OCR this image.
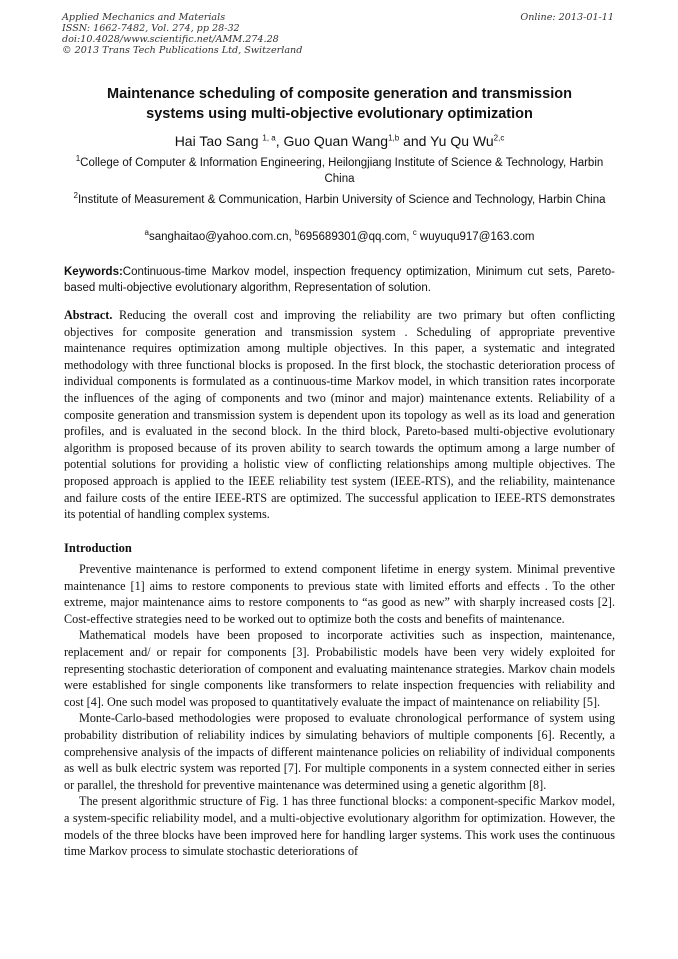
Applied Mechanics and Materials
ISSN: 1662-7482, Vol. 274, pp 28-32
doi:10.4028/www.scientific.net/AMM.274.28
© 2013 Trans Tech Publications Ltd, Switzerland
Online: 2013-01-11
Maintenance scheduling of composite generation and transmission
systems using multi-objective evolutionary optimization
Hai Tao Sang $^{1, a}$, Guo Quan Wang$^{1,b}$ and Yu Qu Wu$^{2,c}$
$^1$College of Computer & Information Engineering, Heilongjiang Institute of Science & Technology, Harbin China
$^2$Institute of Measurement & Communication, Harbin University of Science and Technology, Harbin China
$^a$sanghaitao@yahoo.com.cn, $^b$695689301@qq.com, $^c$ wuyuqu917@163.com
Keywords:Continuous-time Markov model, inspection frequency optimization, Minimum cut sets, Pareto-based multi-objective evolutionary algorithm, Representation of solution.

Abstract. Reducing the overall cost and improving the reliability are two primary but often conflicting objectives for composite generation and transmission system . Scheduling of appropriate preventive maintenance requires optimization among multiple objectives. In this paper, a systematic and integrated methodology with three functional blocks is proposed. In the first block, the stochastic deterioration process of individual components is formulated as a continuous-time Markov model, in which transition rates incorporate the influences of the aging of components and two (minor and major) maintenance extents. Reliability of a composite generation and transmission system is dependent upon its topology as well as its load and generation profiles, and is evaluated in the second block. In the third block, Pareto-based multi-objective evolutionary algorithm is proposed because of its proven ability to search towards the optimum among a large number of potential solutions for providing a holistic view of conflicting relationships among multiple objectives. The proposed approach is applied to the IEEE reliability test system (IEEE-RTS), and the reliability, maintenance and failure costs of the entire IEEE-RTS are optimized. The successful application to IEEE-RTS demonstrates its potential of handling complex systems.

Introduction

Preventive maintenance is performed to extend component lifetime in energy system. Minimal preventive maintenance [1] aims to restore components to previous state with limited efforts and effects . To the other extreme, major maintenance aims to restore components to “as good as new” with sharply increased costs [2]. Cost-effective strategies need to be worked out to optimize both the costs and benefits of maintenance.

Mathematical models have been proposed to incorporate activities such as inspection, maintenance, replacement and/ or repair for components [3]. Probabilistic models have been very widely exploited for representing stochastic deterioration of component and evaluating maintenance strategies. Markov chain models were established for single components like transformers to relate inspection frequencies with reliability and cost [4]. One such model was proposed to quantitatively evaluate the impact of maintenance on reliability [5].

Monte-Carlo-based methodologies were proposed to evaluate chronological performance of system using probability distribution of reliability indices by simulating behaviors of multiple components [6]. Recently, a comprehensive analysis of the impacts of different maintenance policies on reliability of individual components as well as bulk electric system was reported [7]. For multiple components in a system connected either in series or parallel, the threshold for preventive maintenance was determined using a genetic algorithm [8].

The present algorithmic structure of Fig. 1 has three functional blocks: a component-specific Markov model, a system-specific reliability model, and a multi-objective evolutionary algorithm for optimization. However, the models of the three blocks have been improved here for handling larger systems. This work uses the continuous time Markov process to simulate stochastic deteriorations of
